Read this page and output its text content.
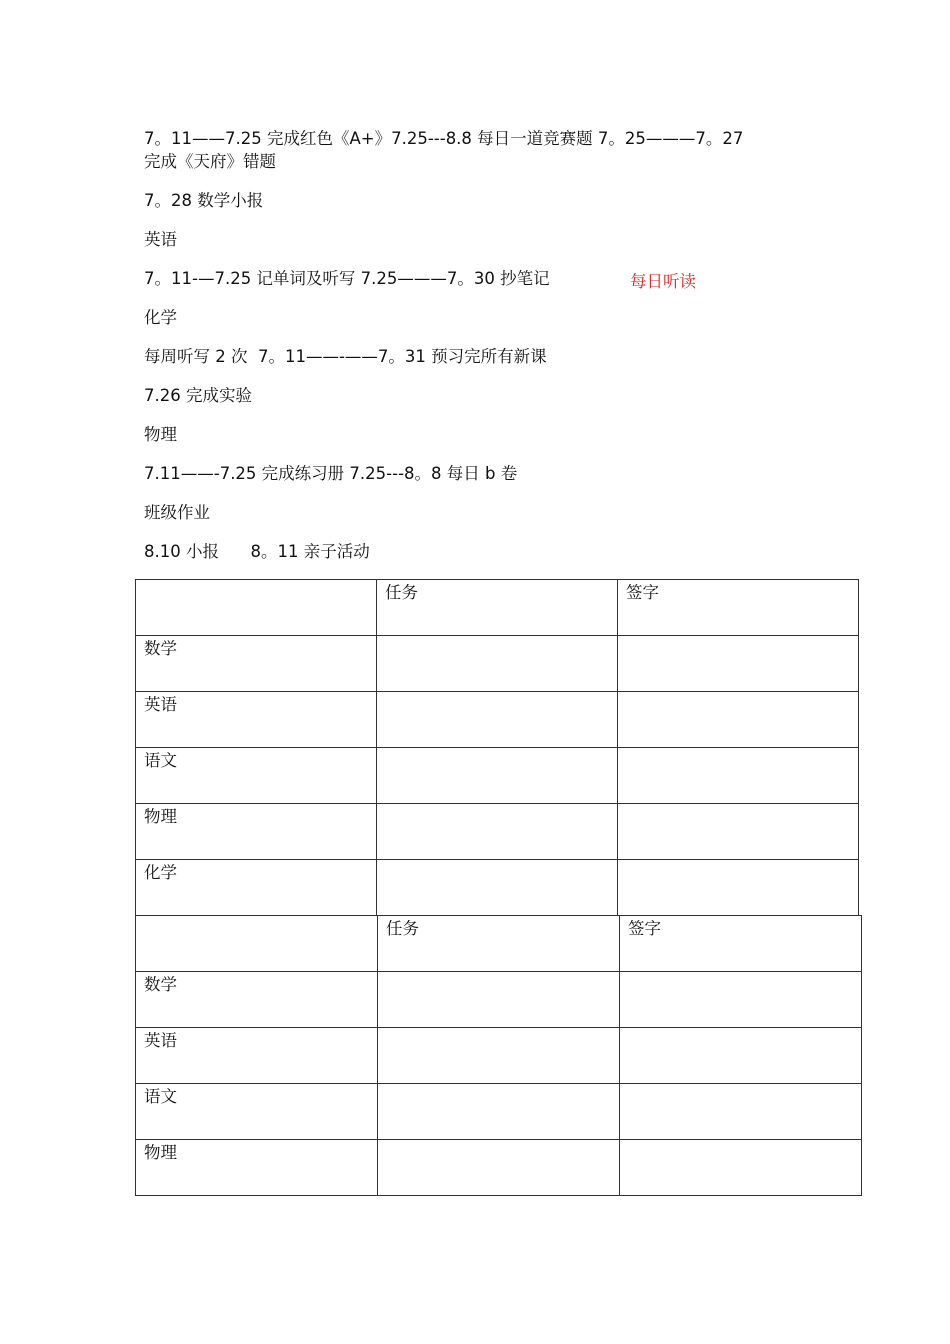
7。11——7.25 完成红色《A+》7.25---8.8 每日一道竞赛题 7。25———7。27
完成《天府》错题
7。28 数学小报
英语
7。11-—7.25 记单词及听写 7.25———7。30 抄笔记	每日听读
化学
每周听写 2 次  7。11——-——7。31 预习完所有新课
7.26 完成实验
物理
7.11——-7.25 完成练习册 7.25---8。8 每日 b 卷
班级作业
8.10 小报      8。11 亲子活动
	任务	签字
数学		
英语		
语文		
物理		
化学		
	任务	签字
数学		
英语		
语文		
物理		
